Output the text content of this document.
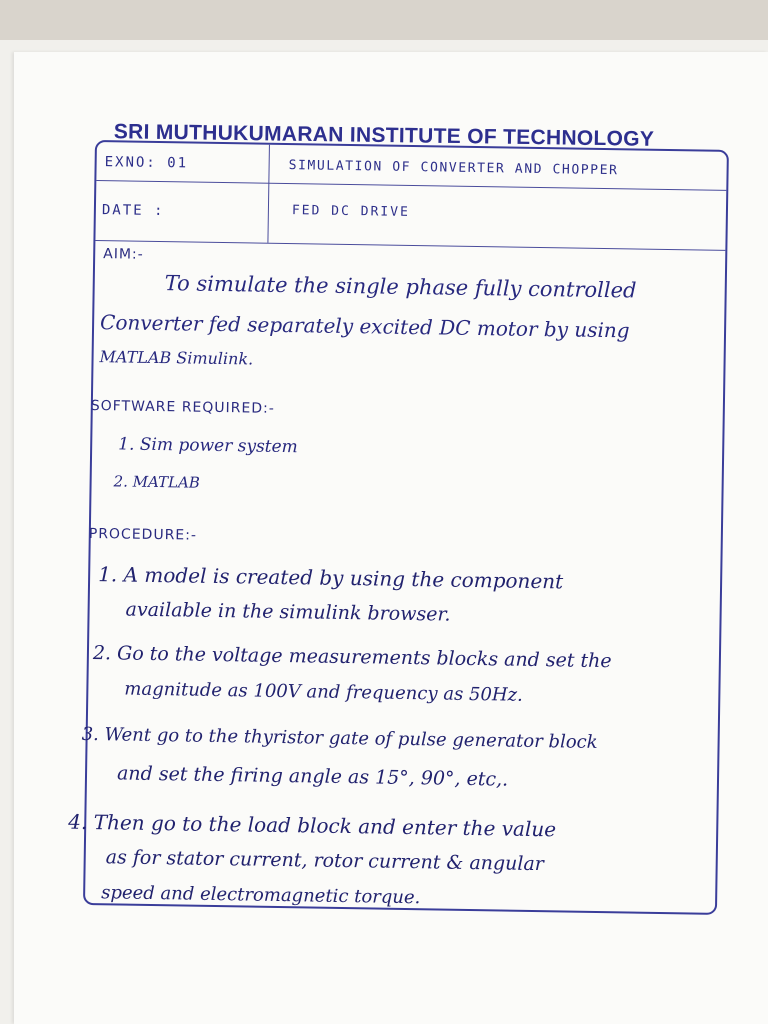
SRI MUTHUKUMARAN INSTITUTE OF TECHNOLOGY
EXNO: 01
DATE :
SIMULATION OF CONVERTER AND CHOPPER
FED DC DRIVE
AIM:-
To simulate the single phase fully controlled
Converter fed separately excited DC motor by using
MATLAB Simulink.
SOFTWARE REQUIRED:-
1. Sim power system
2. MATLAB
PROCEDURE:-
1. A model is created by using the component
available in the simulink browser.
2. Go to the voltage measurements blocks and set the
magnitude as 100V and frequency as 50Hz.
3. Went go to the thyristor gate of pulse generator block
and set the firing angle as 15°, 90°, etc,.
4. Then go to the load block and enter the value
as for stator current, rotor current & angular
speed and electromagnetic torque.
